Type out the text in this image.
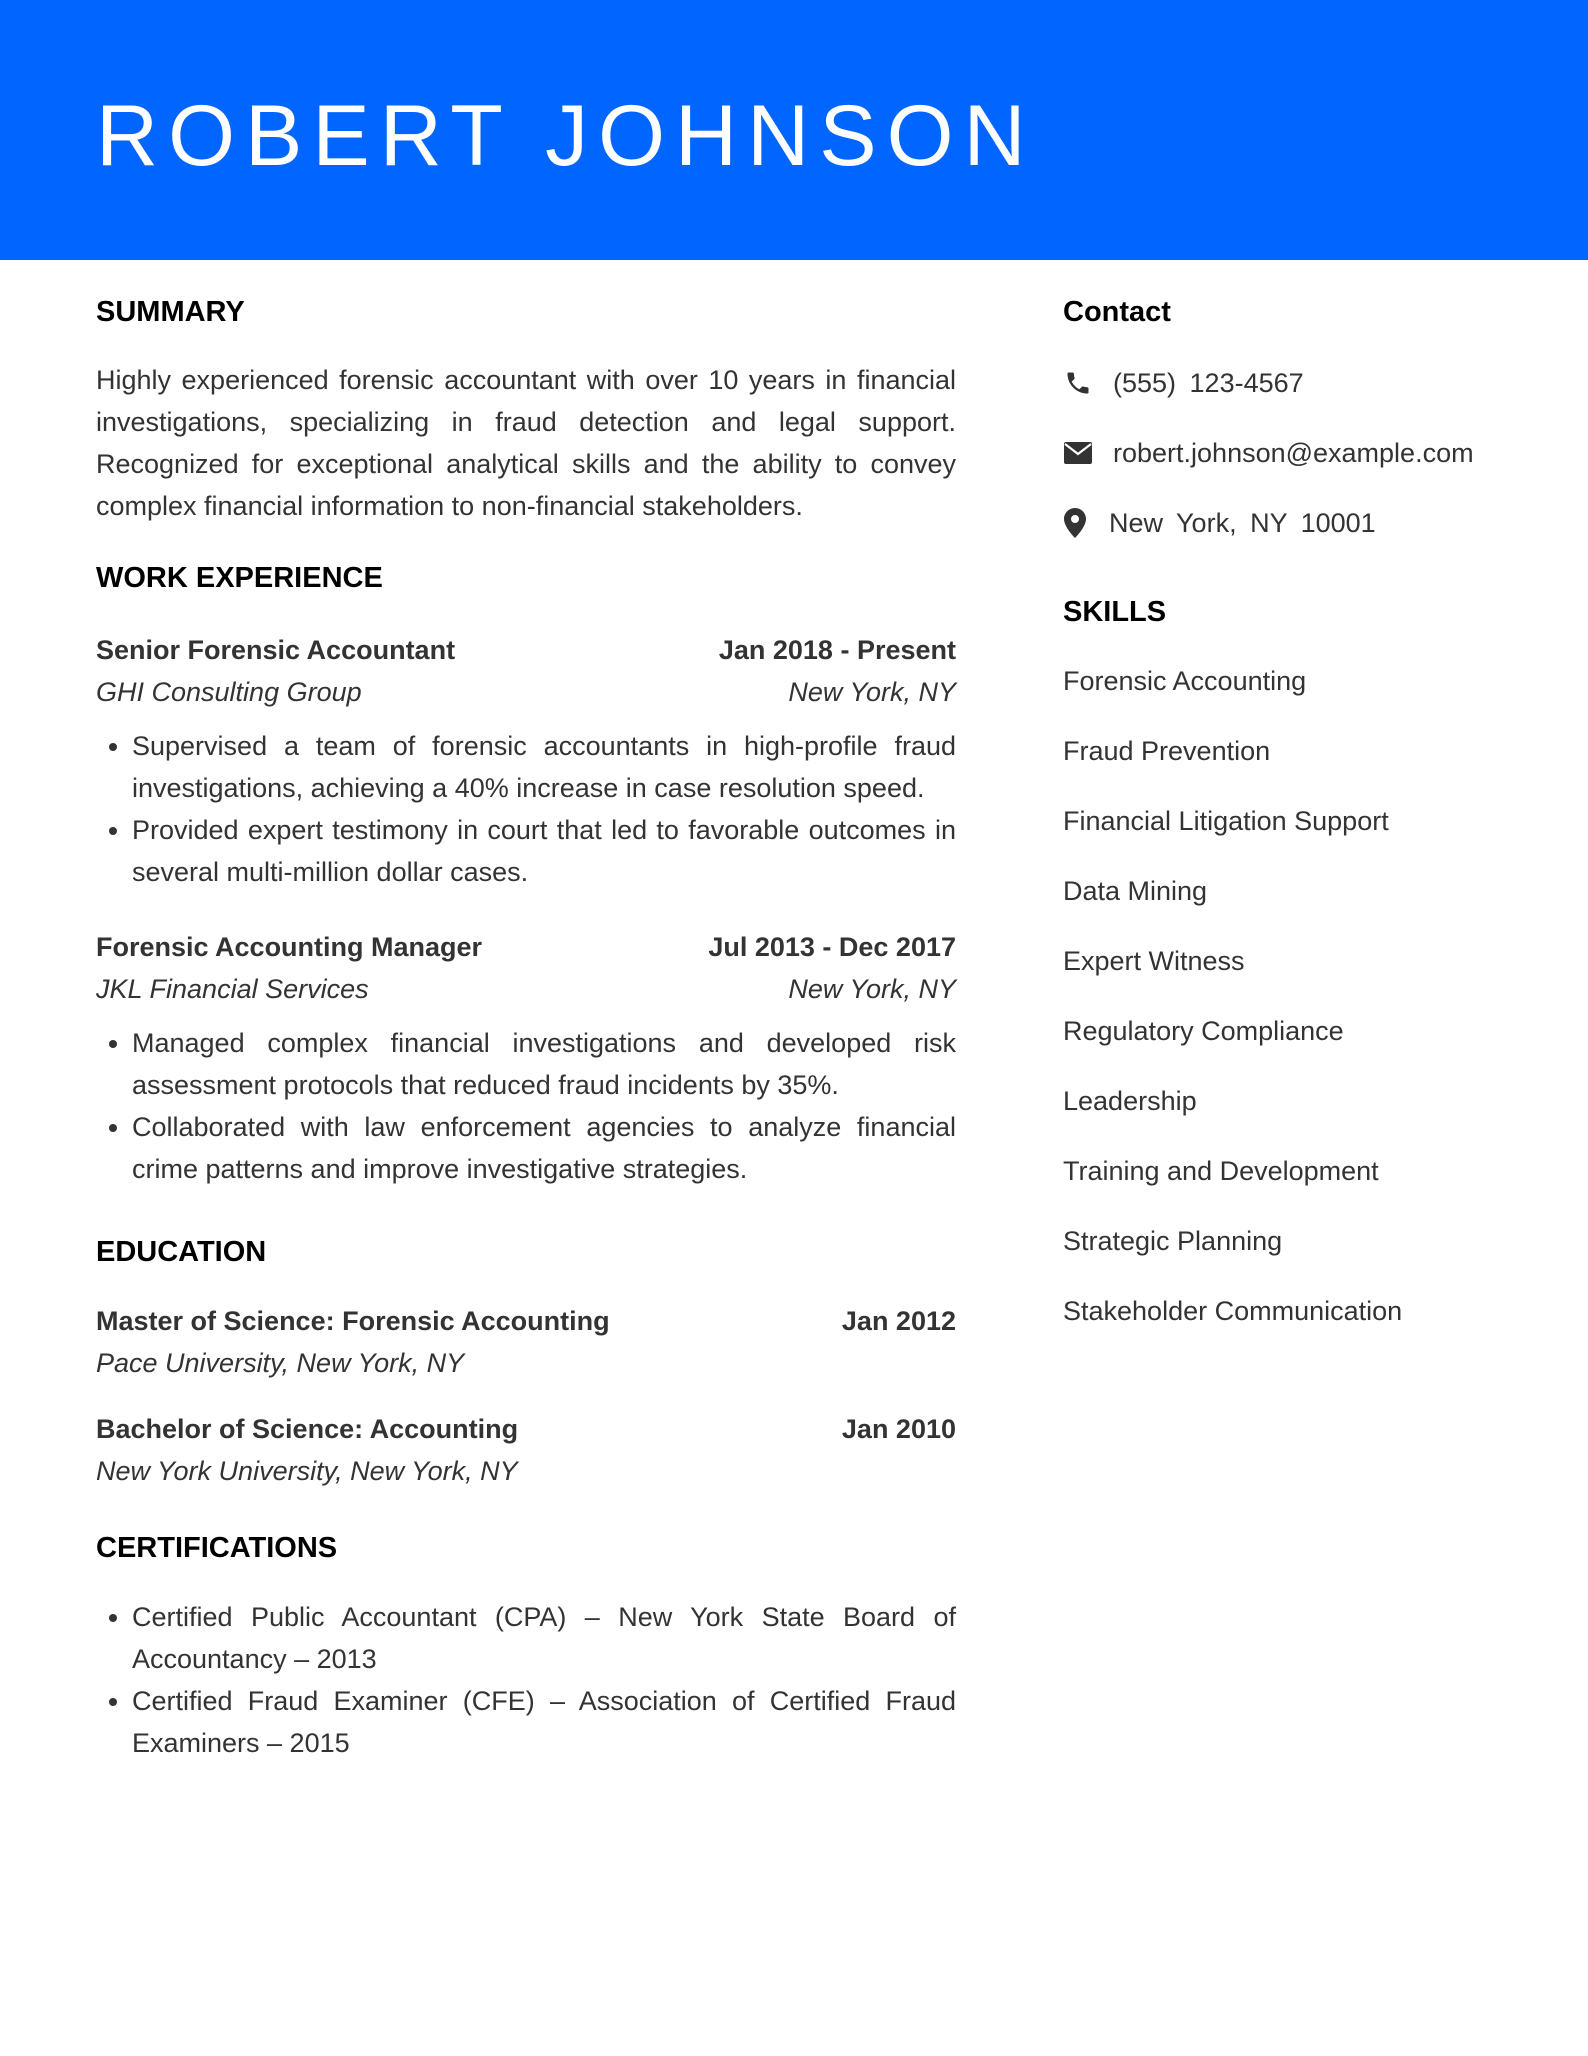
ROBERT JOHNSON
SUMMARY
Highly experienced forensic accountant with over 10 years in financial investigations, specializing in fraud detection and legal support. Recognized for exceptional analytical skills and the ability to convey complex financial information to non-financial stakeholders.
WORK EXPERIENCE
Senior Forensic Accountant	Jan 2018 - Present
GHI Consulting Group	New York, NY
• Supervised a team of forensic accountants in high-profile fraud investigations, achieving a 40% increase in case resolution speed.
• Provided expert testimony in court that led to favorable outcomes in several multi-million dollar cases.
Forensic Accounting Manager	Jul 2013 - Dec 2017
JKL Financial Services	New York, NY
• Managed complex financial investigations and developed risk assessment protocols that reduced fraud incidents by 35%.
• Collaborated with law enforcement agencies to analyze financial crime patterns and improve investigative strategies.
EDUCATION
Master of Science: Forensic Accounting	Jan 2012
Pace University, New York, NY
Bachelor of Science: Accounting	Jan 2010
New York University, New York, NY
CERTIFICATIONS
• Certified Public Accountant (CPA) – New York State Board of Accountancy – 2013
• Certified Fraud Examiner (CFE) – Association of Certified Fraud Examiners – 2015
Contact
(555) 123-4567
robert.johnson@example.com
New York, NY 10001
SKILLS
Forensic Accounting
Fraud Prevention
Financial Litigation Support
Data Mining
Expert Witness
Regulatory Compliance
Leadership
Training and Development
Strategic Planning
Stakeholder Communication
